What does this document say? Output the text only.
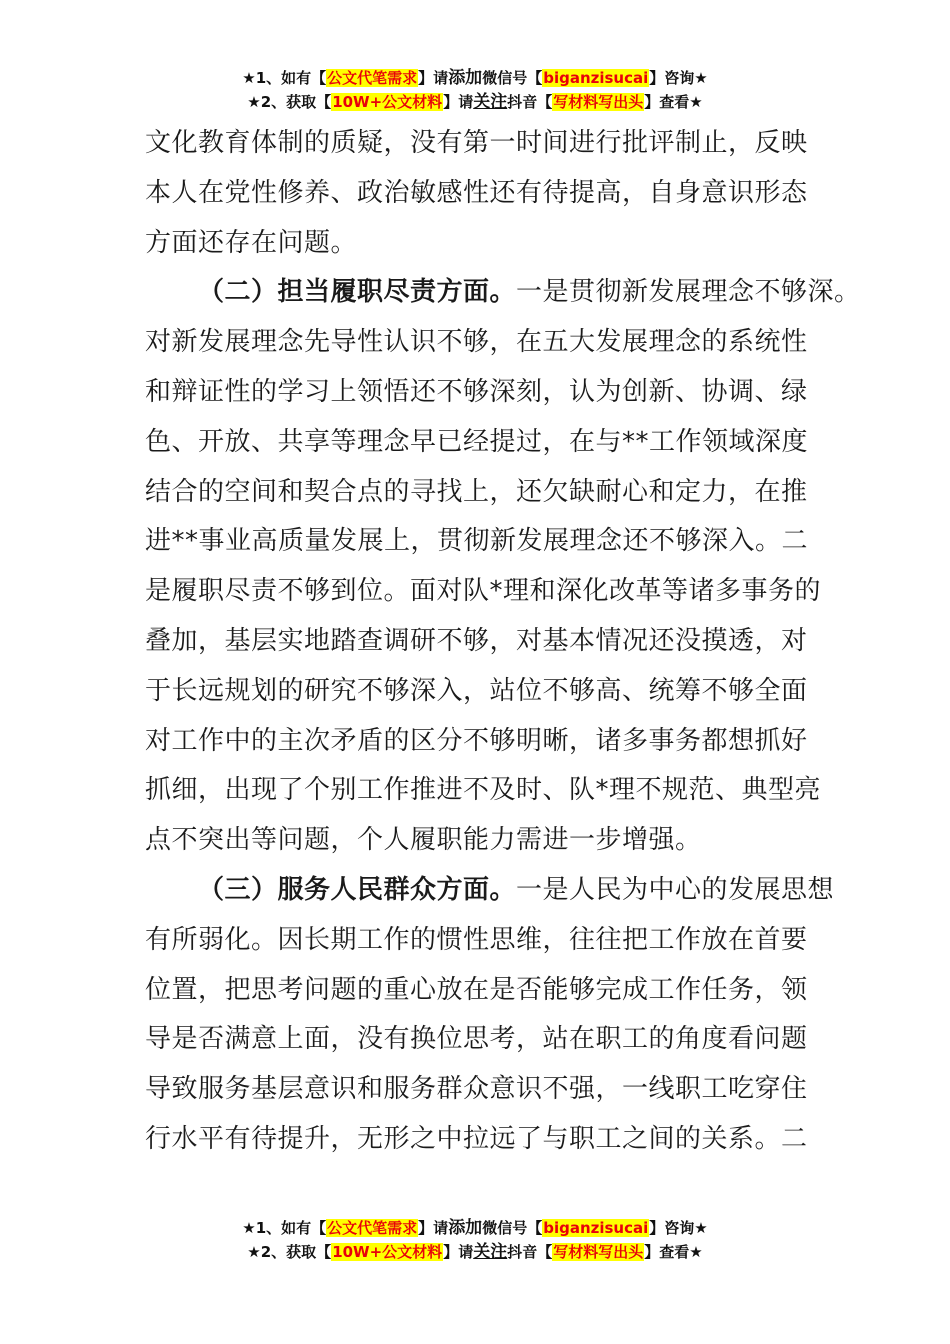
★1、如有【公文代笔需求】请添加微信号【biganzisucai】咨询★
★2、获取【10W+公文材料】请关注抖音【写材料写出头】查看★
文化教育体制的质疑，没有第一时间进行批评制止，反映
本人在党性修养、政治敏感性还有待提高，自身意识形态
方面还存在问题。
（二）担当履职尽责方面。一是贯彻新发展理念不够深。
对新发展理念先导性认识不够，在五大发展理念的系统性
和辩证性的学习上领悟还不够深刻，认为创新、协调、绿
色、开放、共享等理念早已经提过，在与**工作领域深度
结合的空间和契合点的寻找上，还欠缺耐心和定力，在推
进**事业高质量发展上，贯彻新发展理念还不够深入。二
是履职尽责不够到位。面对队*理和深化改革等诸多事务的
叠加，基层实地踏查调研不够，对基本情况还没摸透，对
于长远规划的研究不够深入，站位不够高、统筹不够全面
对工作中的主次矛盾的区分不够明晰，诸多事务都想抓好
抓细，出现了个别工作推进不及时、队*理不规范、典型亮
点不突出等问题，个人履职能力需进一步增强。
（三）服务人民群众方面。一是人民为中心的发展思想
有所弱化。因长期工作的惯性思维，往往把工作放在首要
位置，把思考问题的重心放在是否能够完成工作任务，领
导是否满意上面，没有换位思考，站在职工的角度看问题
导致服务基层意识和服务群众意识不强，一线职工吃穿住
行水平有待提升，无形之中拉远了与职工之间的关系。二
★1、如有【公文代笔需求】请添加微信号【biganzisucai】咨询★
★2、获取【10W+公文材料】请关注抖音【写材料写出头】查看★
